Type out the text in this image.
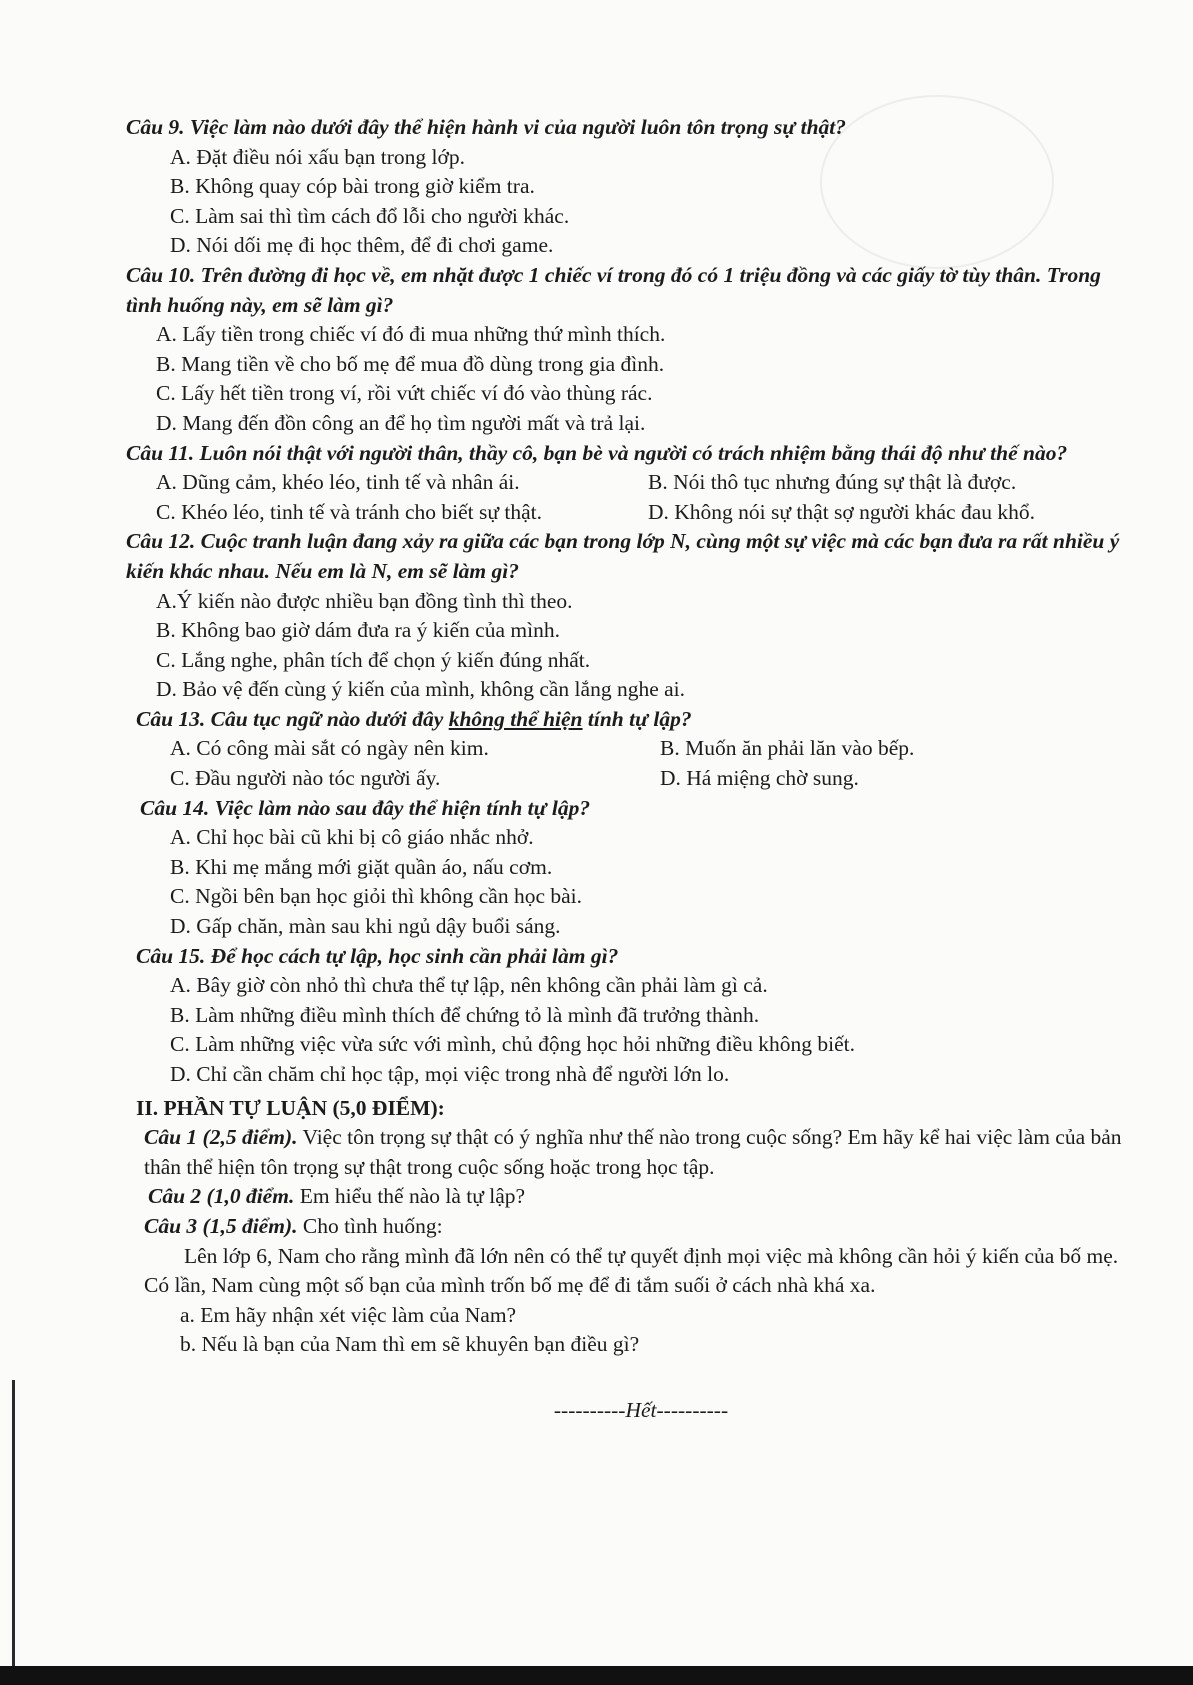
Câu 9. Việc làm nào dưới đây thể hiện hành vi của người luôn tôn trọng sự thật?
A. Đặt điều nói xấu bạn trong lớp.
B. Không quay cóp bài trong giờ kiểm tra.
C. Làm sai thì tìm cách đổ lỗi cho người khác.
D. Nói dối mẹ đi học thêm, để đi chơi game.
Câu 10. Trên đường đi học về, em nhặt được 1 chiếc ví trong đó có 1 triệu đồng và các giấy tờ tùy thân. Trong tình huống này, em sẽ làm gì?
A. Lấy tiền trong chiếc ví đó đi mua những thứ mình thích.
B. Mang tiền về cho bố mẹ để mua đồ dùng trong gia đình.
C. Lấy hết tiền trong ví, rồi vứt chiếc ví đó vào thùng rác.
D. Mang đến đồn công an để họ tìm người mất và trả lại.
Câu 11. Luôn nói thật với người thân, thầy cô, bạn bè và người có trách nhiệm bằng thái độ như thế nào?
A. Dũng cảm, khéo léo, tinh tế và nhân ái.	B. Nói thô tục nhưng đúng sự thật là được.
C. Khéo léo, tinh tế và tránh cho biết sự thật.	D. Không nói sự thật sợ người khác đau khổ.
Câu 12. Cuộc tranh luận đang xảy ra giữa các bạn trong lớp N, cùng một sự việc mà các bạn đưa ra rất nhiều ý kiến khác nhau. Nếu em là N, em sẽ làm gì?
A.Ý kiến nào được nhiều bạn đồng tình thì theo.
B. Không bao giờ dám đưa ra ý kiến của mình.
C. Lắng nghe, phân tích để chọn ý kiến đúng nhất.
D. Bảo vệ đến cùng ý kiến của mình, không cần lắng nghe ai.
Câu 13. Câu tục ngữ nào dưới đây không thể hiện tính tự lập?
A. Có công mài sắt có ngày nên kim.	B. Muốn ăn phải lăn vào bếp.
C. Đầu người nào tóc người ấy.	D. Há miệng chờ sung.
Câu 14. Việc làm nào sau đây thể hiện tính tự lập?
A. Chỉ học bài cũ khi bị cô giáo nhắc nhở.
B. Khi mẹ mắng mới giặt quần áo, nấu cơm.
C. Ngồi bên bạn học giỏi thì không cần học bài.
D. Gấp chăn, màn sau khi ngủ dậy buổi sáng.
Câu 15. Để học cách tự lập, học sinh cần phải làm gì?
A. Bây giờ còn nhỏ thì chưa thể tự lập, nên không cần phải làm gì cả.
B. Làm những điều mình thích để chứng tỏ là mình đã trưởng thành.
C. Làm những việc vừa sức với mình, chủ động học hỏi những điều không biết.
D. Chỉ cần chăm chỉ học tập, mọi việc trong nhà để người lớn lo.
II. PHẦN TỰ LUẬN (5,0 ĐIỂM):
Câu 1 (2,5 điểm). Việc tôn trọng sự thật có ý nghĩa như thế nào trong cuộc sống? Em hãy kể hai việc làm của bản thân thể hiện tôn trọng sự thật trong cuộc sống hoặc trong học tập.
Câu 2 (1,0 điểm. Em hiểu thế nào là tự lập?
Câu 3 (1,5 điểm). Cho tình huống:
Lên lớp 6, Nam cho rằng mình đã lớn nên có thể tự quyết định mọi việc mà không cần hỏi ý kiến của bố mẹ. Có lần, Nam cùng một số bạn của mình trốn bố mẹ để đi tắm suối ở cách nhà khá xa.
a. Em hãy nhận xét việc làm của Nam?
b. Nếu là bạn của Nam thì em sẽ khuyên bạn điều gì?
----------Hết----------
